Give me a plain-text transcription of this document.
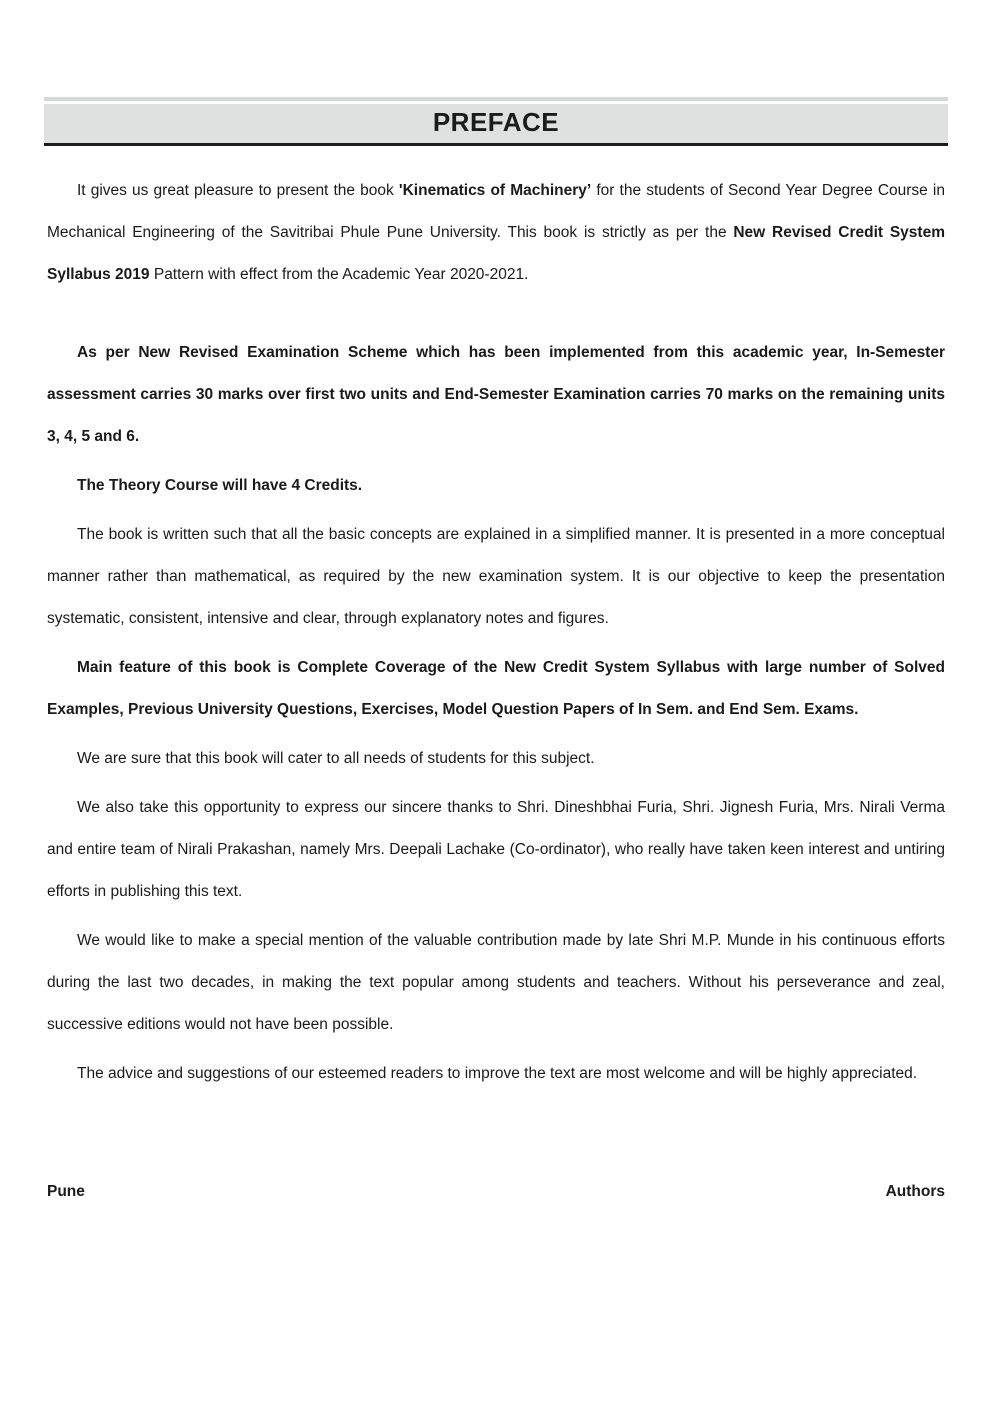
PREFACE

It gives us great pleasure to present the book 'Kinematics of Machinery’ for the students of Second Year Degree Course in Mechanical Engineering of the Savitribai Phule Pune University. This book is strictly as per the New Revised Credit System Syllabus 2019 Pattern with effect from the Academic Year 2020-2021.

As per New Revised Examination Scheme which has been implemented from this academic year, In-Semester assessment carries 30 marks over first two units and End-Semester Examination carries 70 marks on the remaining units 3, 4, 5 and 6.

The Theory Course will have 4 Credits.

The book is written such that all the basic concepts are explained in a simplified manner. It is presented in a more conceptual manner rather than mathematical, as required by the new examination system. It is our objective to keep the presentation systematic, consistent, intensive and clear, through explanatory notes and figures.

Main feature of this book is Complete Coverage of the New Credit System Syllabus with large number of Solved Examples, Previous University Questions, Exercises, Model Question Papers of In Sem. and End Sem. Exams.

We are sure that this book will cater to all needs of students for this subject.

We also take this opportunity to express our sincere thanks to Shri. Dineshbhai Furia, Shri. Jignesh Furia, Mrs. Nirali Verma and entire team of Nirali Prakashan, namely Mrs. Deepali Lachake (Co-ordinator), who really have taken keen interest and untiring efforts in publishing this text.

We would like to make a special mention of the valuable contribution made by late Shri M.P. Munde in his continuous efforts during the last two decades, in making the text popular among students and teachers. Without his perseverance and zeal, successive editions would not have been possible.

The advice and suggestions of our esteemed readers to improve the text are most welcome and will be highly appreciated.

Pune	Authors
